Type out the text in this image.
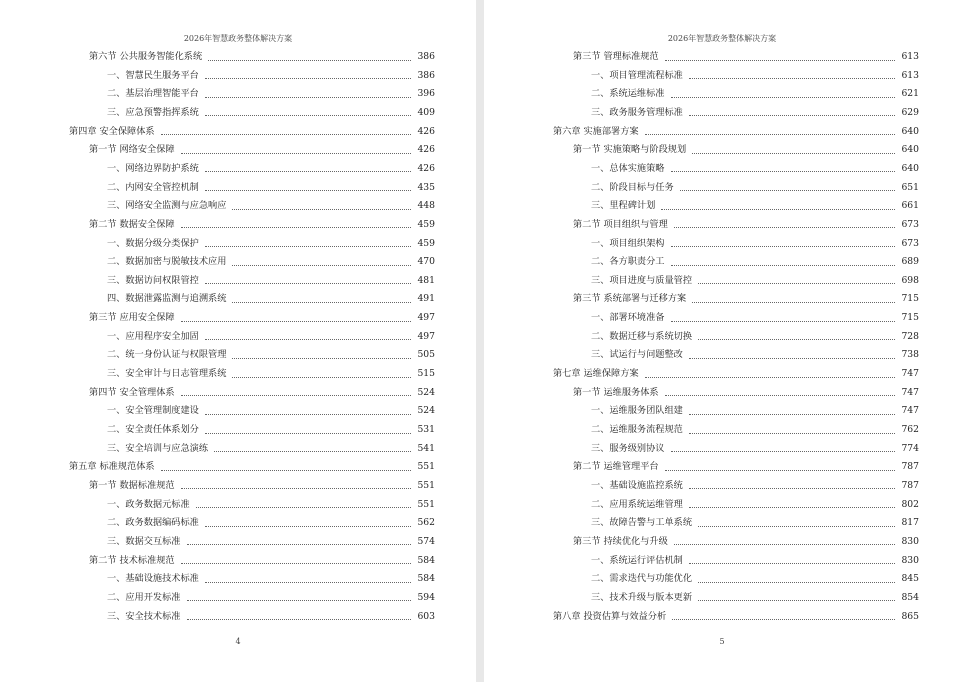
2026年智慧政务整体解决方案
第六节 公共服务智能化系统	386
一、智慧民生服务平台	386
二、基层治理智能平台	396
三、应急预警指挥系统	409
第四章 安全保障体系	426
第一节 网络安全保障	426
一、网络边界防护系统	426
二、内网安全管控机制	435
三、网络安全监测与应急响应	448
第二节 数据安全保障	459
一、数据分级分类保护	459
二、数据加密与脱敏技术应用	470
三、数据访问权限管控	481
四、数据泄露监测与追溯系统	491
第三节 应用安全保障	497
一、应用程序安全加固	497
二、统一身份认证与权限管理	505
三、安全审计与日志管理系统	515
第四节 安全管理体系	524
一、安全管理制度建设	524
二、安全责任体系划分	531
三、安全培训与应急演练	541
第五章 标准规范体系	551
第一节 数据标准规范	551
一、政务数据元标准	551
二、政务数据编码标准	562
三、数据交互标准	574
第二节 技术标准规范	584
一、基础设施技术标准	584
二、应用开发标准	594
三、安全技术标准	603
4
2026年智慧政务整体解决方案
第三节 管理标准规范	613
一、项目管理流程标准	613
二、系统运维标准	621
三、政务服务管理标准	629
第六章 实施部署方案	640
第一节 实施策略与阶段规划	640
一、总体实施策略	640
二、阶段目标与任务	651
三、里程碑计划	661
第二节 项目组织与管理	673
一、项目组织架构	673
二、各方职责分工	689
三、项目进度与质量管控	698
第三节 系统部署与迁移方案	715
一、部署环境准备	715
二、数据迁移与系统切换	728
三、试运行与问题整改	738
第七章 运维保障方案	747
第一节 运维服务体系	747
一、运维服务团队组建	747
二、运维服务流程规范	762
三、服务级别协议	774
第二节 运维管理平台	787
一、基础设施监控系统	787
二、应用系统运维管理	802
三、故障告警与工单系统	817
第三节 持续优化与升级	830
一、系统运行评估机制	830
二、需求迭代与功能优化	845
三、技术升级与版本更新	854
第八章 投资估算与效益分析	865
5
